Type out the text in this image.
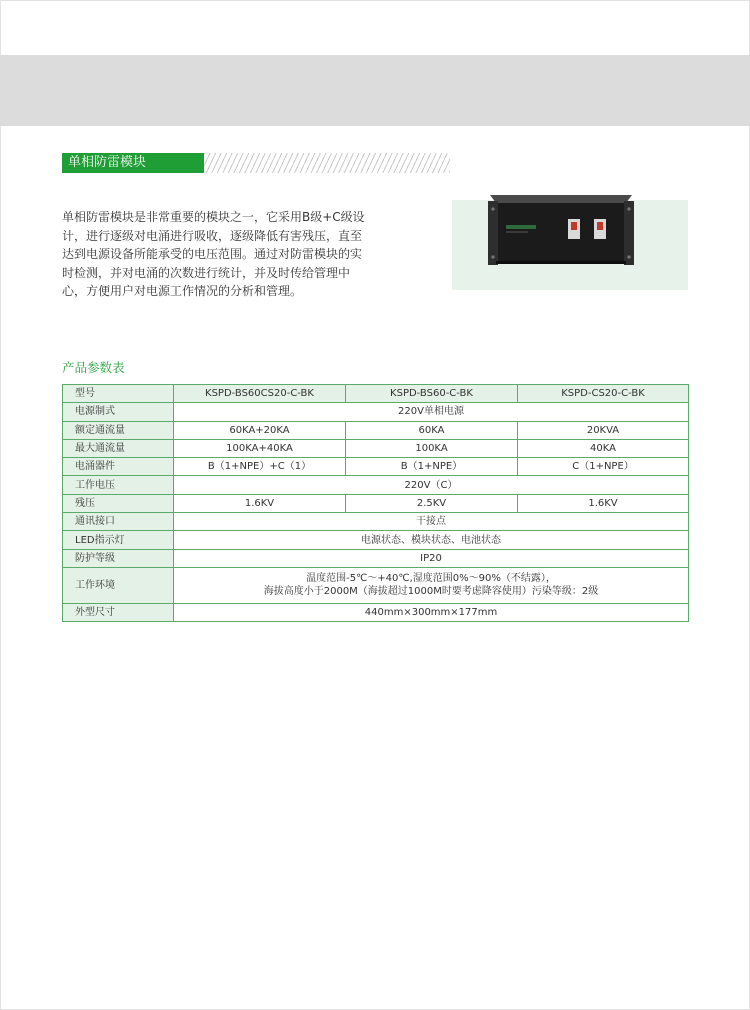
单相防雷模块
单相防雷模块是非常重要的模块之一，它采用B级+C级设
计，进行逐级对电涌进行吸收，逐级降低有害残压，直至
达到电源设备所能承受的电压范围。通过对防雷模块的实
时检测，并对电涌的次数进行统计，并及时传给管理中
心，方便用户对电源工作情况的分析和管理。
产品参数表
型号	KSPD-BS60CS20-C-BK	KSPD-BS60-C-BK	KSPD-CS20-C-BK
电源制式	220V单相电源		
额定通流量	60KA+20KA	60KA	20KVA
最大通流量	100KA+40KA	100KA	40KA
电涌器件	B（1+NPE）+C（1）	B（1+NPE）	C（1+NPE）
工作电压	220V（C）		
残压	1.6KV	2.5KV	1.6KV
通讯接口	干接点		
LED指示灯	电源状态、模块状态、电池状态		
防护等级	IP20		
工作环境	温度范围-5℃～+40℃,湿度范围0%～90%（不结露），
海拔高度小于2000M（海拔超过1000M时要考虑降容使用）污染等级：2级		

外型尺寸	440mm×300mm×177mm		
